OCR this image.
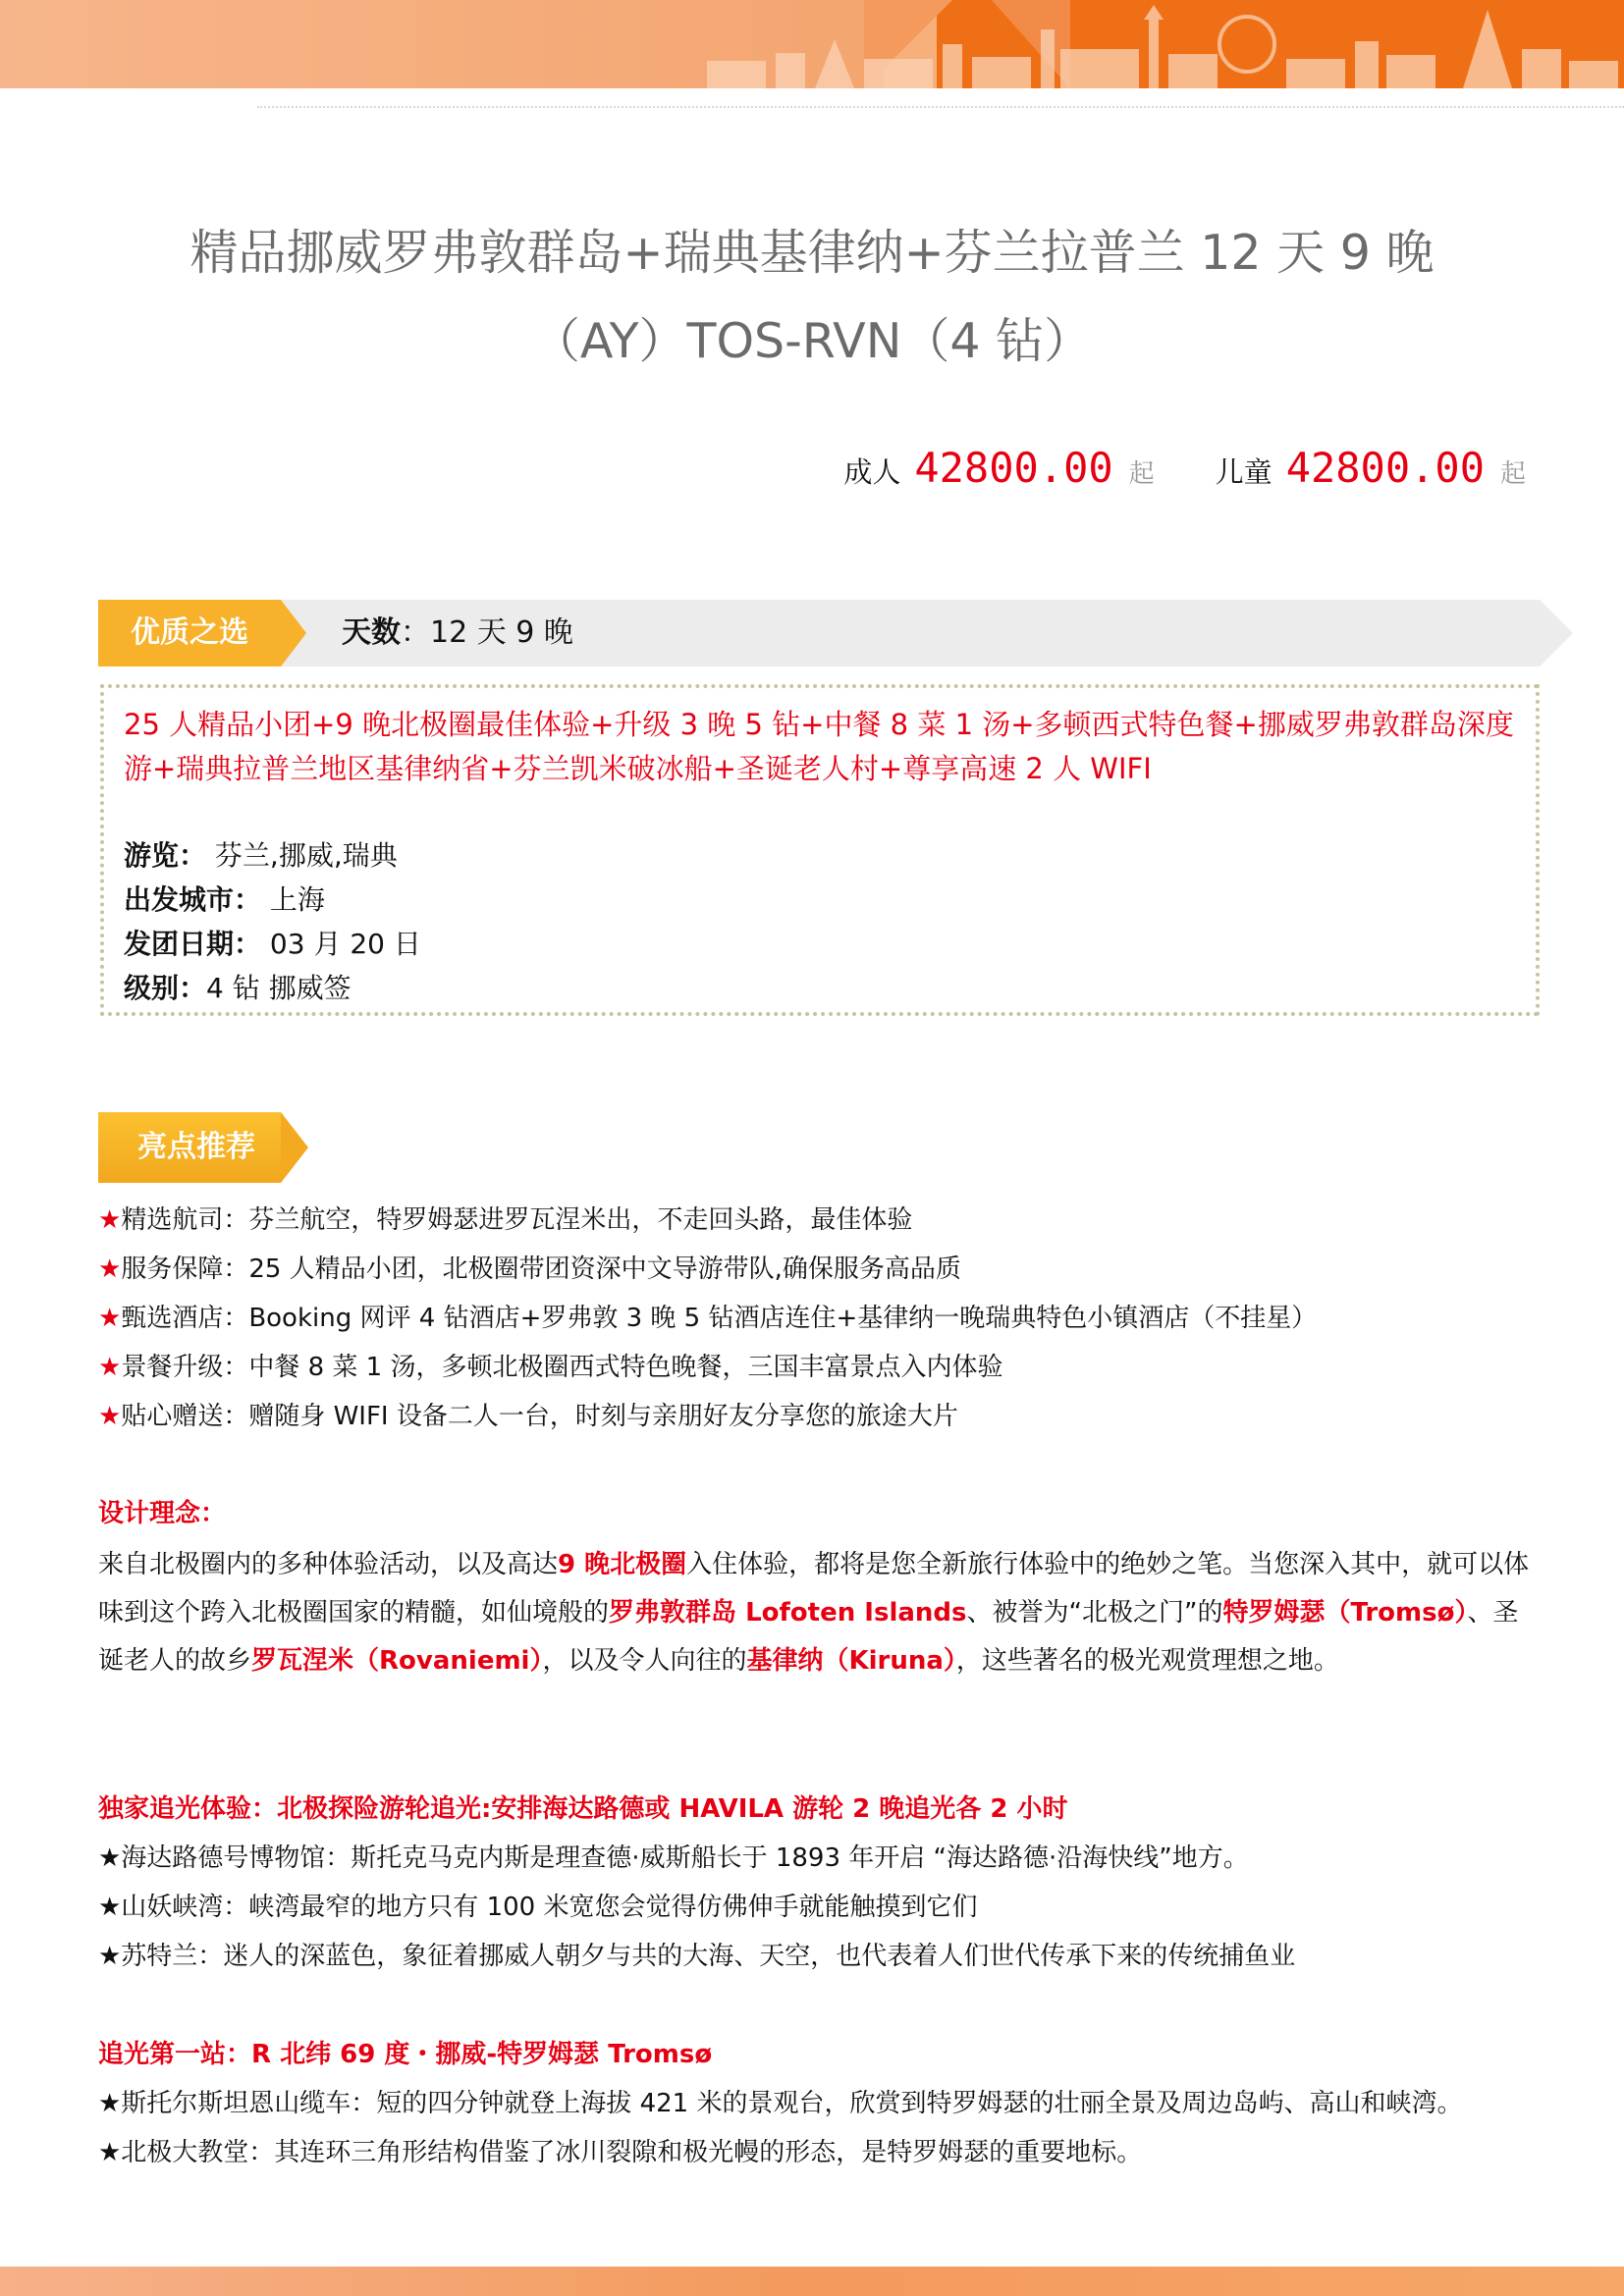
精品挪威罗弗敦群岛+瑞典基律纳+芬兰拉普兰 12 天 9 晚
（AY）TOS-RVN（4 钻）
成人 42800.00 起 儿童 42800.00 起
优质之选	天数：12 天 9 晚
25 人精品小团+9 晚北极圈最佳体验+升级 3 晚 5 钻+中餐 8 菜 1 汤+多顿西式特色餐+挪威罗弗敦群岛深度游+瑞典拉普兰地区基律纳省+芬兰凯米破冰船+圣诞老人村+尊享高速 2 人 WIFI
游览： 芬兰,挪威,瑞典
出发城市： 上海
发团日期： 03 月 20 日
级别：4 钻 挪威签
亮点推荐
★精选航司：芬兰航空，特罗姆瑟进罗瓦涅米出，不走回头路，最佳体验
★服务保障：25 人精品小团，北极圈带团资深中文导游带队,确保服务高品质
★甄选酒店：Booking 网评 4 钻酒店+罗弗敦 3 晚 5 钻酒店连住+基律纳一晚瑞典特色小镇酒店（不挂星）
★景餐升级：中餐 8 菜 1 汤，多顿北极圈西式特色晚餐，三国丰富景点入内体验
★贴心赠送：赠随身 WIFI 设备二人一台，时刻与亲朋好友分享您的旅途大片
设计理念：
来自北极圈内的多种体验活动，以及高达9 晚北极圈入住体验，都将是您全新旅行体验中的绝妙之笔。当您深入其中，就可以体味到这个跨入北极圈国家的精髓，如仙境般的罗弗敦群岛 Lofoten Islands、被誉为“北极之门”的特罗姆瑟（Tromsø）、圣诞老人的故乡罗瓦涅米（Rovaniemi），以及令人向往的基律纳（Kiruna），这些著名的极光观赏理想之地。
独家追光体验：北极探险游轮追光:安排海达路德或 HAVILA 游轮 2 晚追光各 2 小时
★海达路德号博物馆：斯托克马克内斯是理查德·威斯船长于 1893 年开启 “海达路德·沿海快线”地方。
★山妖峡湾：峡湾最窄的地方只有 100 米宽您会觉得仿佛伸手就能触摸到它们
★苏特兰：迷人的深蓝色，象征着挪威人朝夕与共的大海、天空，也代表着人们世代传承下来的传统捕鱼业
追光第一站：R 北纬 69 度・挪威-特罗姆瑟 Tromsø
★斯托尔斯坦恩山缆车：短的四分钟就登上海拔 421 米的景观台，欣赏到特罗姆瑟的壮丽全景及周边岛屿、高山和峡湾。
★北极大教堂：其连环三角形结构借鉴了冰川裂隙和极光幔的形态，是特罗姆瑟的重要地标。
